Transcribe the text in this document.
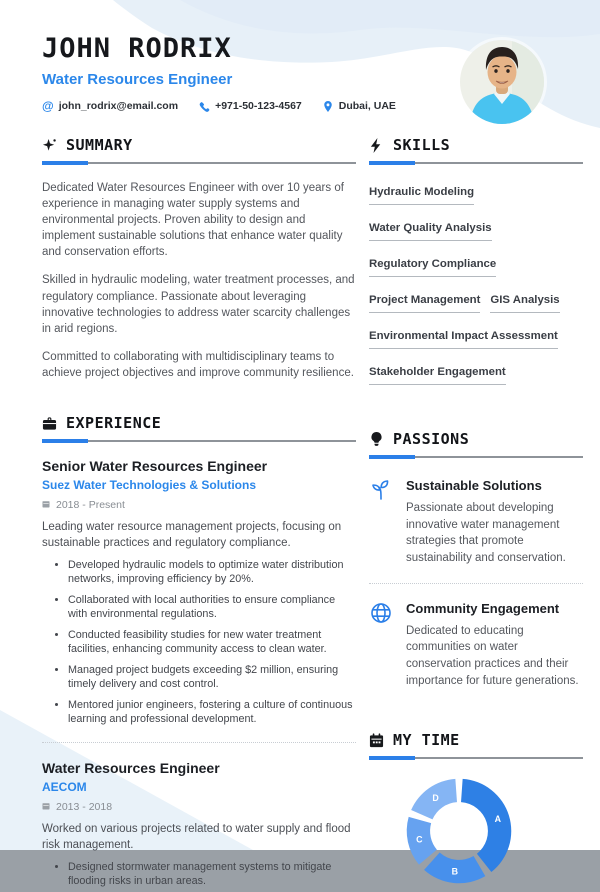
JOHN RODRIX
Water Resources Engineer
@ john_rodrix@email.com	+971-50-123-4567	Dubai, UAE
SUMMARY

Dedicated Water Resources Engineer with over 10 years of experience in managing water supply systems and environmental projects. Proven ability to design and implement sustainable solutions that enhance water quality and conservation efforts.

Skilled in hydraulic modeling, water treatment processes, and regulatory compliance. Passionate about leveraging innovative technologies to address water scarcity challenges in arid regions.

Committed to collaborating with multidisciplinary teams to achieve project objectives and improve community resilience.

EXPERIENCE
Senior Water Resources Engineer
Suez Water Technologies & Solutions
2018 - Present

Leading water resource management projects, focusing on sustainable practices and regulatory compliance.

• Developed hydraulic models to optimize water distribution networks, improving efficiency by 20%.
• Collaborated with local authorities to ensure compliance with environmental regulations.
• Conducted feasibility studies for new water treatment facilities, enhancing community access to clean water.
• Managed project budgets exceeding $2 million, ensuring timely delivery and cost control.
• Mentored junior engineers, fostering a culture of continuous learning and professional development.
Water Resources Engineer
AECOM
2013 - 2018

Worked on various projects related to water supply and flood risk management.

• Designed stormwater management systems to mitigate flooding risks in urban areas.
SKILLS
Hydraulic ModelingWater Quality AnalysisRegulatory ComplianceProject Management GIS AnalysisEnvironmental Impact AssessmentStakeholder Engagement
PASSIONS
Sustainable Solutions
Passionate about developing innovative water management strategies that promote sustainability and conservation.
Community Engagement
Dedicated to educating communities on water conservation practices and their importance for future generations.
MY TIME
A
B
C
D
